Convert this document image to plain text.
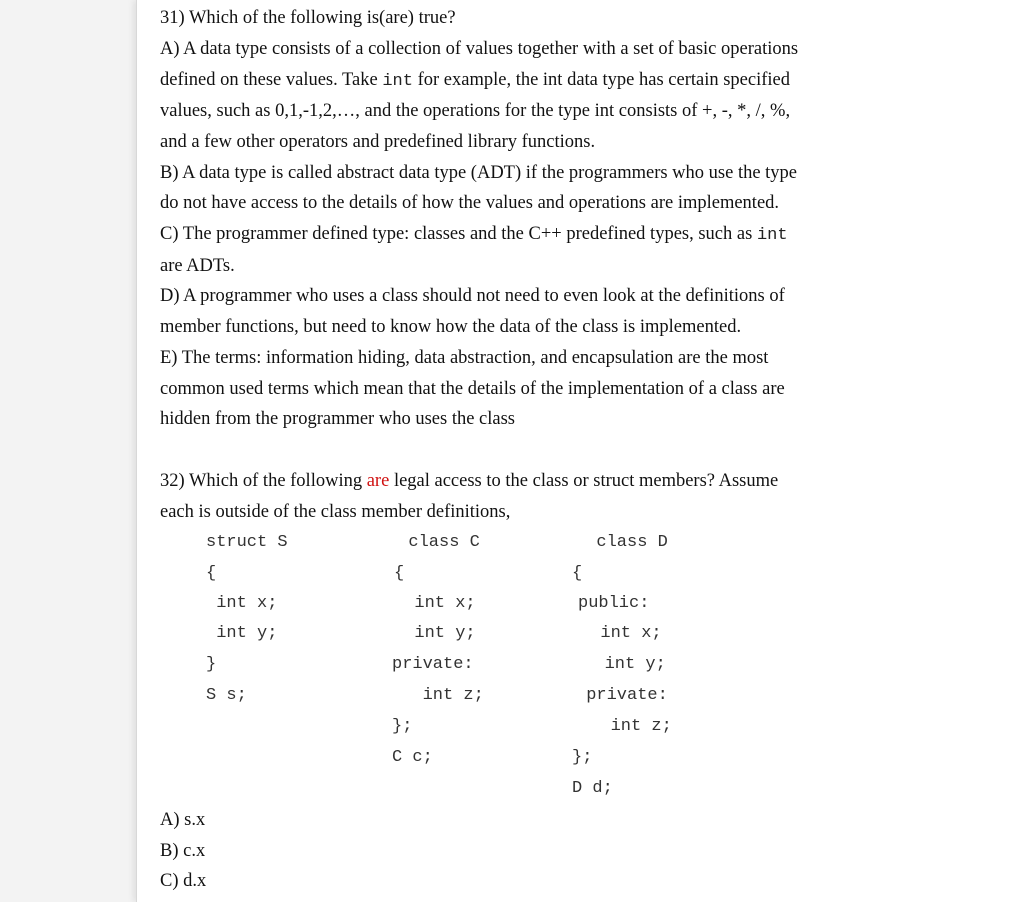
31) Which of the following is(are) true?
A) A data type consists of a collection of values together with a set of basic operations
defined on these values. Take int for example, the int data type has certain specified
values, such as 0,1,-1,2,…, and the operations for the type int consists of +, -, *, /, %,
and a few other operators and predefined library functions.
B) A data type is called abstract data type (ADT) if the programmers who use the type
do not have access to the details of how the values and operations are implemented.
C) The programmer defined type: classes and the C++ predefined types, such as int
are ADTs.
D) A programmer who uses a class should not need to even look at the definitions of
member functions, but need to know how the data of the class is implemented.
E) The terms: information hiding, data abstraction, and encapsulation are the most
common used terms which mean that the details of the implementation of a class are
hidden from the programmer who uses the class
32) Which of the following are legal access to the class or struct members? Assume
each is outside of the class member definitions,
struct S
{
int x;
int y;
}
S s;
class C
{
int x;
int y;
private:
int z;
};
C c;
class D
{
public:
int x;
int y;
private:
int z;
};
D d;
A) s.x
B) c.x
C) d.x
